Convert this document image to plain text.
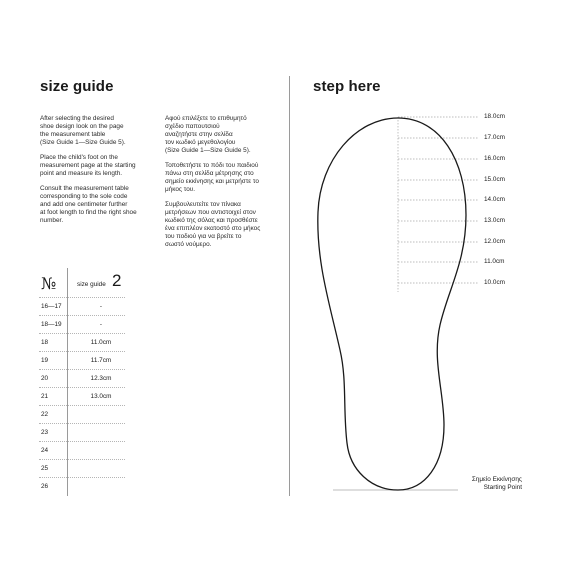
size guide

After selecting the desired
shoe design look on the page
the measurement table
(Size Guide 1—Size Guide 5).

Place the child's foot on the
measurement page at the starting
point and measure its length.

Consult the measurement table
corresponding to the sole code
and add one centimeter further
at foot length to find the right shoe
number.

Αφού επιλέξετε το επιθυμητό
σχέδιο παπουτσιού
αναζητήστε στην σελίδα
τον κωδικό μεγεθολογίου
(Size Guide 1—Size Guide 5).

Τοποθετήστε το πόδι του παιδιού
πάνω στη σελίδα μέτρησης στο
σημείο εκκίνησης και μετρήστε το
μήκος του.

Συμβουλευτείτε τον πίνακα
μετρήσεων που αντιστοιχεί στον
κωδικό της σόλας και προσθέστε
ένα επιπλέον εκατοστό στο μήκος
του ποδιού για να βρείτε το
σωστό νούμερο.

№	size guide 2
16—17	-
18—19	-
18	11.0cm
19	11.7cm
20	12.3cm
21	13.0cm
22
23
24
25
26
step here
18.0cm
17.0cm
16.0cm
15.0cm
14.0cm
13.0cm
12.0cm
11.0cm
10.0cm
Σημείο Εκκίνησης
Starting Point
